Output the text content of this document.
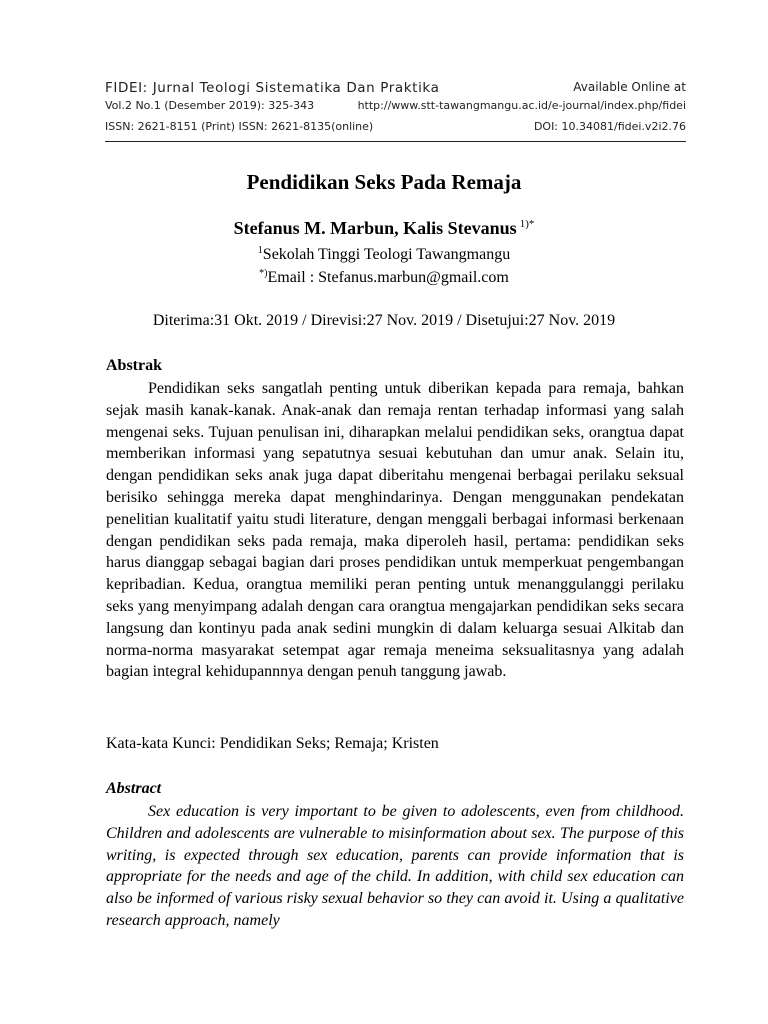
FIDEI: Jurnal Teologi Sistematika Dan Praktika	Available Online at
Vol.2 No.1 (Desember 2019): 325-343	http://www.stt-tawangmangu.ac.id/e-journal/index.php/fidei
ISSN: 2621-8151 (Print) ISSN: 2621-8135(online)	DOI: 10.34081/fidei.v2i2.76
Pendidikan Seks Pada Remaja
Stefanus M. Marbun, Kalis Stevanus $^{1)*}$
$^1$Sekolah Tinggi Teologi Tawangmangu
*)Email : Stefanus.marbun@gmail.com
Diterima:31 Okt. 2019 / Direvisi:27 Nov. 2019 / Disetujui:27 Nov. 2019
Abstrak
Pendidikan seks sangatlah penting untuk diberikan kepada para remaja, bahkan sejak masih kanak-kanak. Anak-anak dan remaja rentan terhadap informasi yang salah mengenai seks. Tujuan penulisan ini, diharapkan melalui pendidikan seks, orangtua dapat memberikan informasi yang sepatutnya sesuai kebutuhan dan umur anak. Selain itu, dengan pendidikan seks anak juga dapat diberitahu mengenai berbagai perilaku seksual berisiko sehingga mereka dapat menghindarinya. Dengan menggunakan pendekatan penelitian kualitatif yaitu studi literature, dengan menggali berbagai informasi berkenaan dengan pendidikan seks pada remaja, maka diperoleh hasil, pertama: pendidikan seks harus dianggap sebagai bagian dari proses pendidikan untuk memperkuat pengembangan kepribadian. Kedua, orangtua memiliki peran penting untuk menanggulanggi perilaku seks yang menyimpang adalah dengan cara orangtua mengajarkan pendidikan seks secara langsung dan kontinyu pada anak sedini mungkin di dalam keluarga sesuai Alkitab dan norma-norma masyarakat setempat agar remaja meneima seksualitasnya yang adalah bagian integral kehidupannnya dengan penuh tanggung jawab.
Kata-kata Kunci: Pendidikan Seks; Remaja; Kristen
Abstract
Sex education is very important to be given to adolescents, even from childhood. Children and adolescents are vulnerable to misinformation about sex. The purpose of this writing, is expected through sex education, parents can provide information that is appropriate for the needs and age of the child. In addition, with child sex education can also be informed of various risky sexual behavior so they can avoid it. Using a qualitative research approach, namely
